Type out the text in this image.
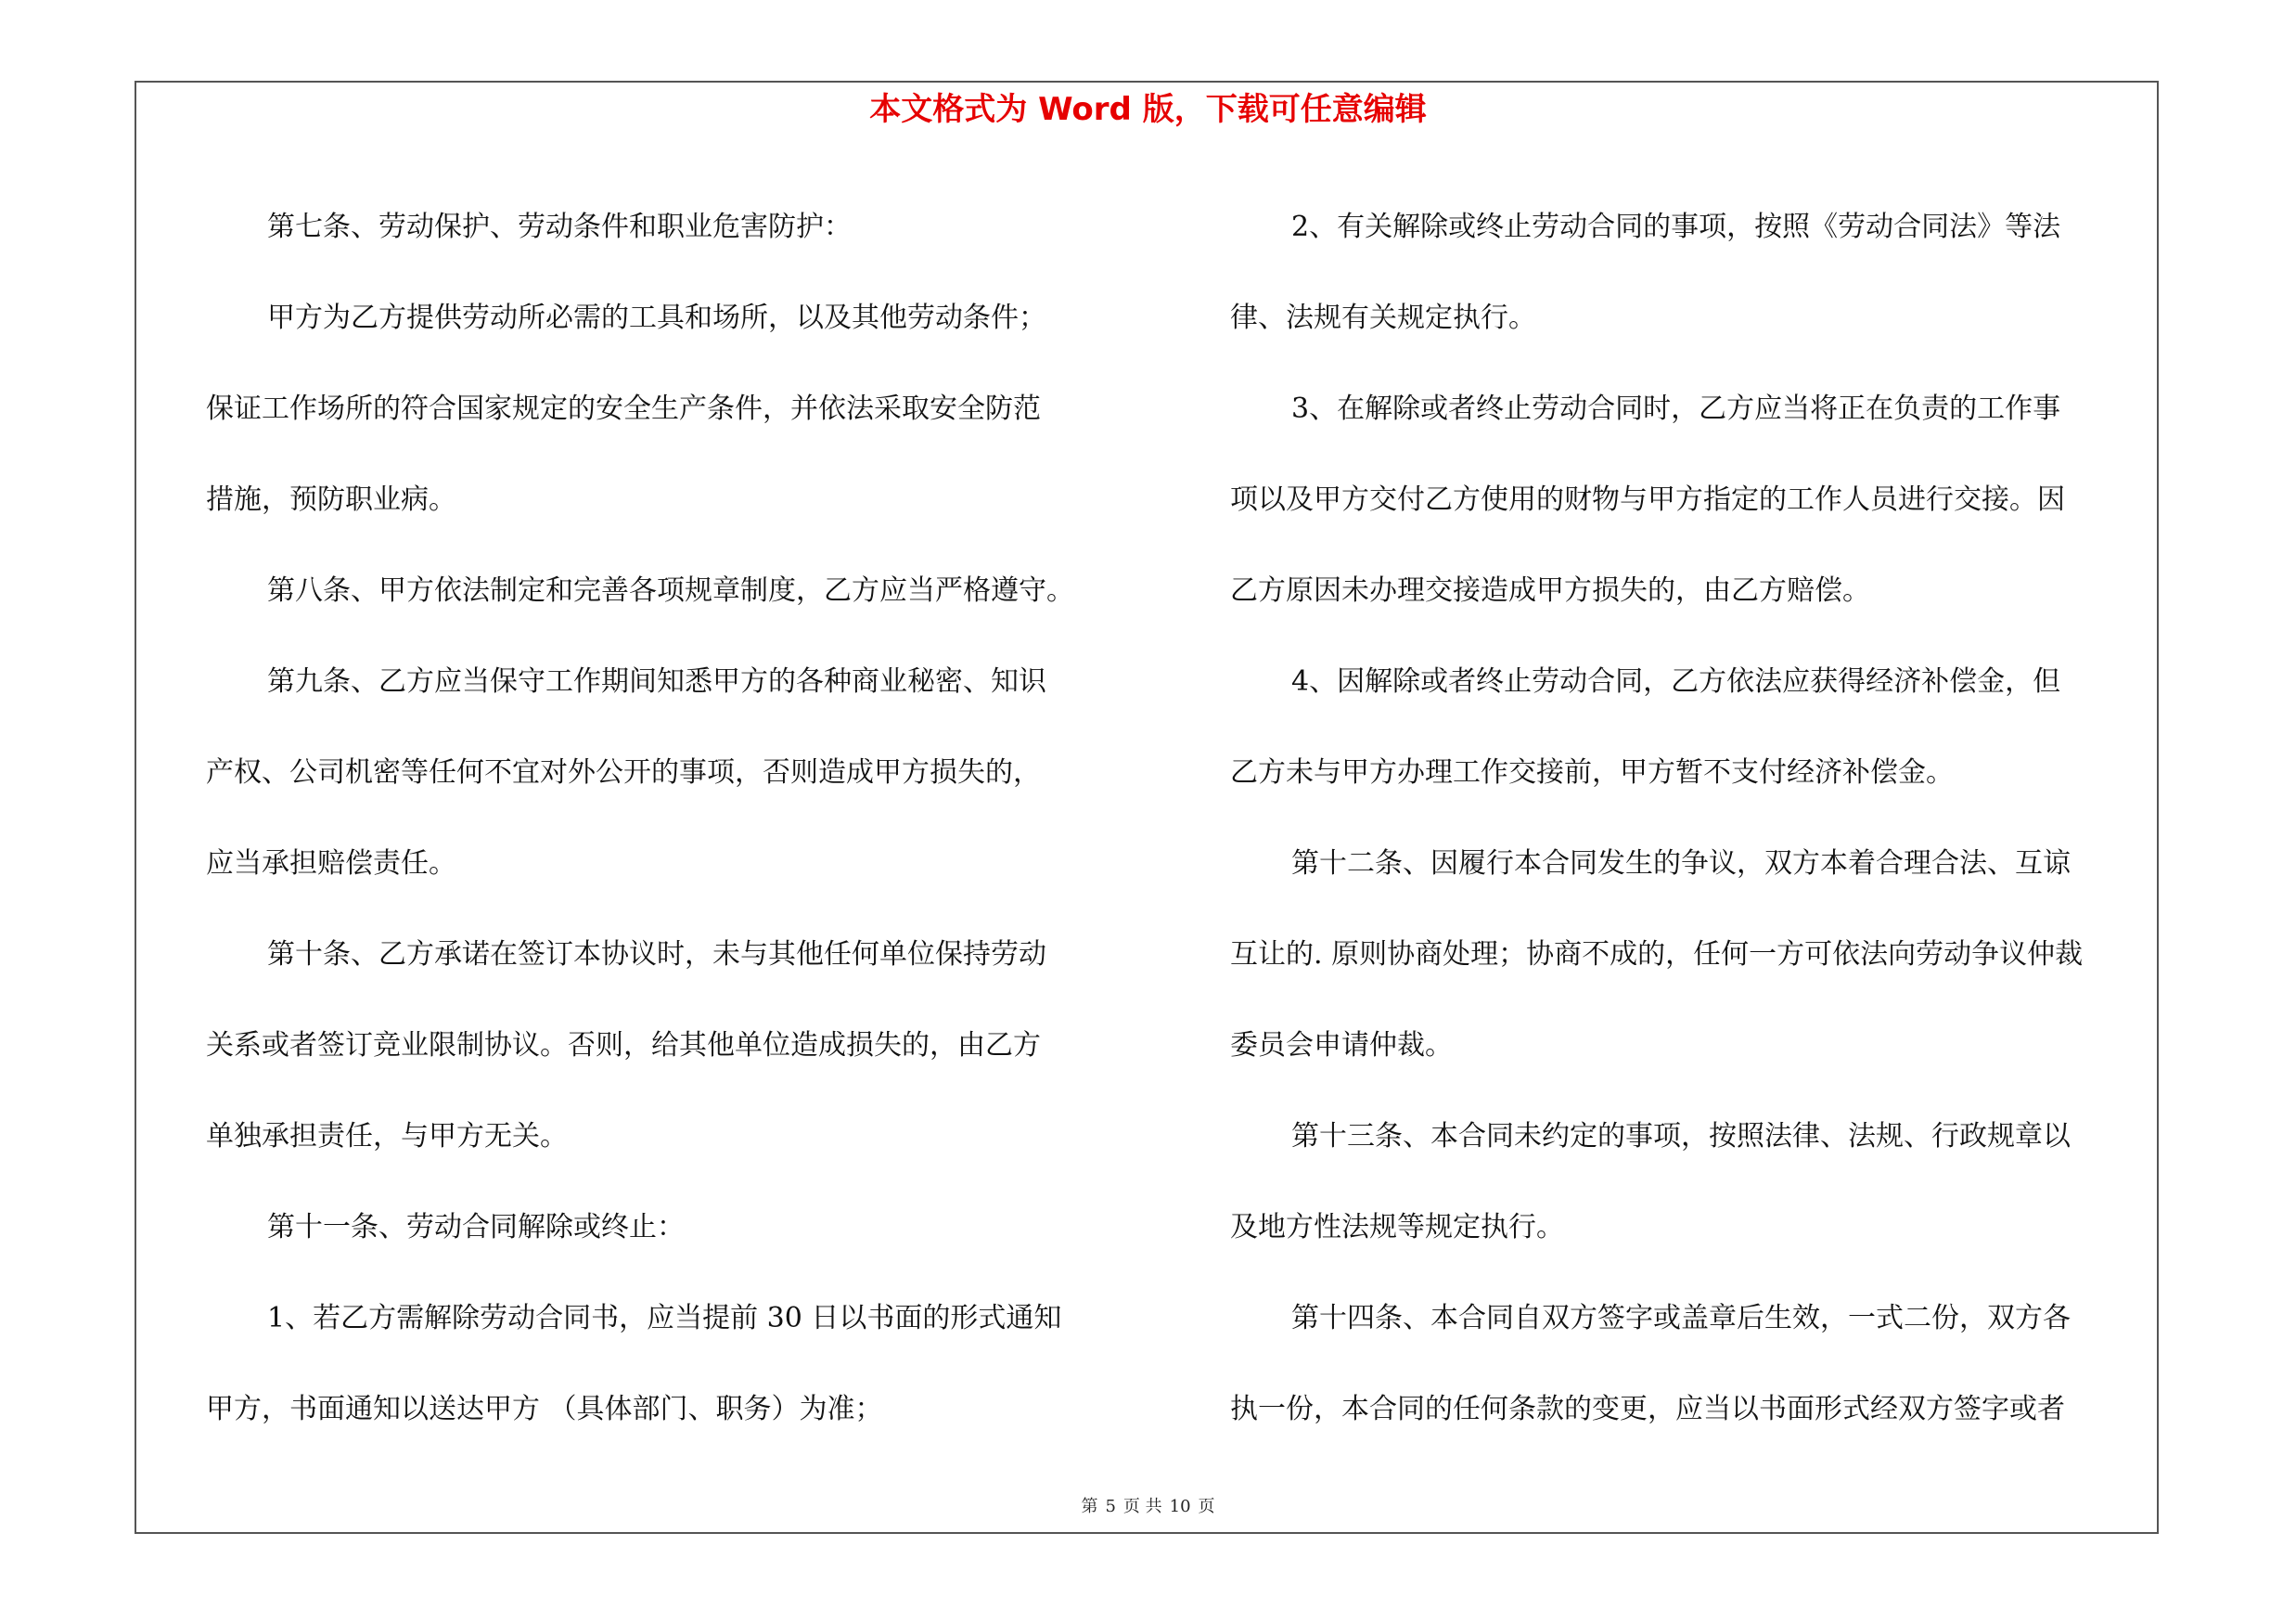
本文格式为 Word 版，下载可任意编辑

第七条、劳动保护、劳动条件和职业危害防护：

甲方为乙方提供劳动所必需的工具和场所，以及其他劳动条件；

保证工作场所的符合国家规定的安全生产条件，并依法采取安全防范

措施，预防职业病。

第八条、甲方依法制定和完善各项规章制度，乙方应当严格遵守。

第九条、乙方应当保守工作期间知悉甲方的各种商业秘密、知识

产权、公司机密等任何不宜对外公开的事项，否则造成甲方损失的，

应当承担赔偿责任。

第十条、乙方承诺在签订本协议时，未与其他任何单位保持劳动

关系或者签订竞业限制协议。否则，给其他单位造成损失的，由乙方

单独承担责任，与甲方无关。

第十一条、劳动合同解除或终止：

1、若乙方需解除劳动合同书，应当提前 30 日以书面的形式通知

甲方，书面通知以送达甲方 （具体部门、职务）为准；

2、有关解除或终止劳动合同的事项，按照《劳动合同法》等法

律、法规有关规定执行。

3、在解除或者终止劳动合同时，乙方应当将正在负责的工作事

项以及甲方交付乙方使用的财物与甲方指定的工作人员进行交接。因

乙方原因未办理交接造成甲方损失的，由乙方赔偿。

4、因解除或者终止劳动合同，乙方依法应获得经济补偿金，但

乙方未与甲方办理工作交接前，甲方暂不支付经济补偿金。

第十二条、因履行本合同发生的争议，双方本着合理合法、互谅

互让的. 原则协商处理；协商不成的，任何一方可依法向劳动争议仲裁

委员会申请仲裁。

第十三条、本合同未约定的事项，按照法律、法规、行政规章以

及地方性法规等规定执行。

第十四条、本合同自双方签字或盖章后生效，一式二份，双方各

执一份，本合同的任何条款的变更，应当以书面形式经双方签字或者

第 5 页 共 10 页
